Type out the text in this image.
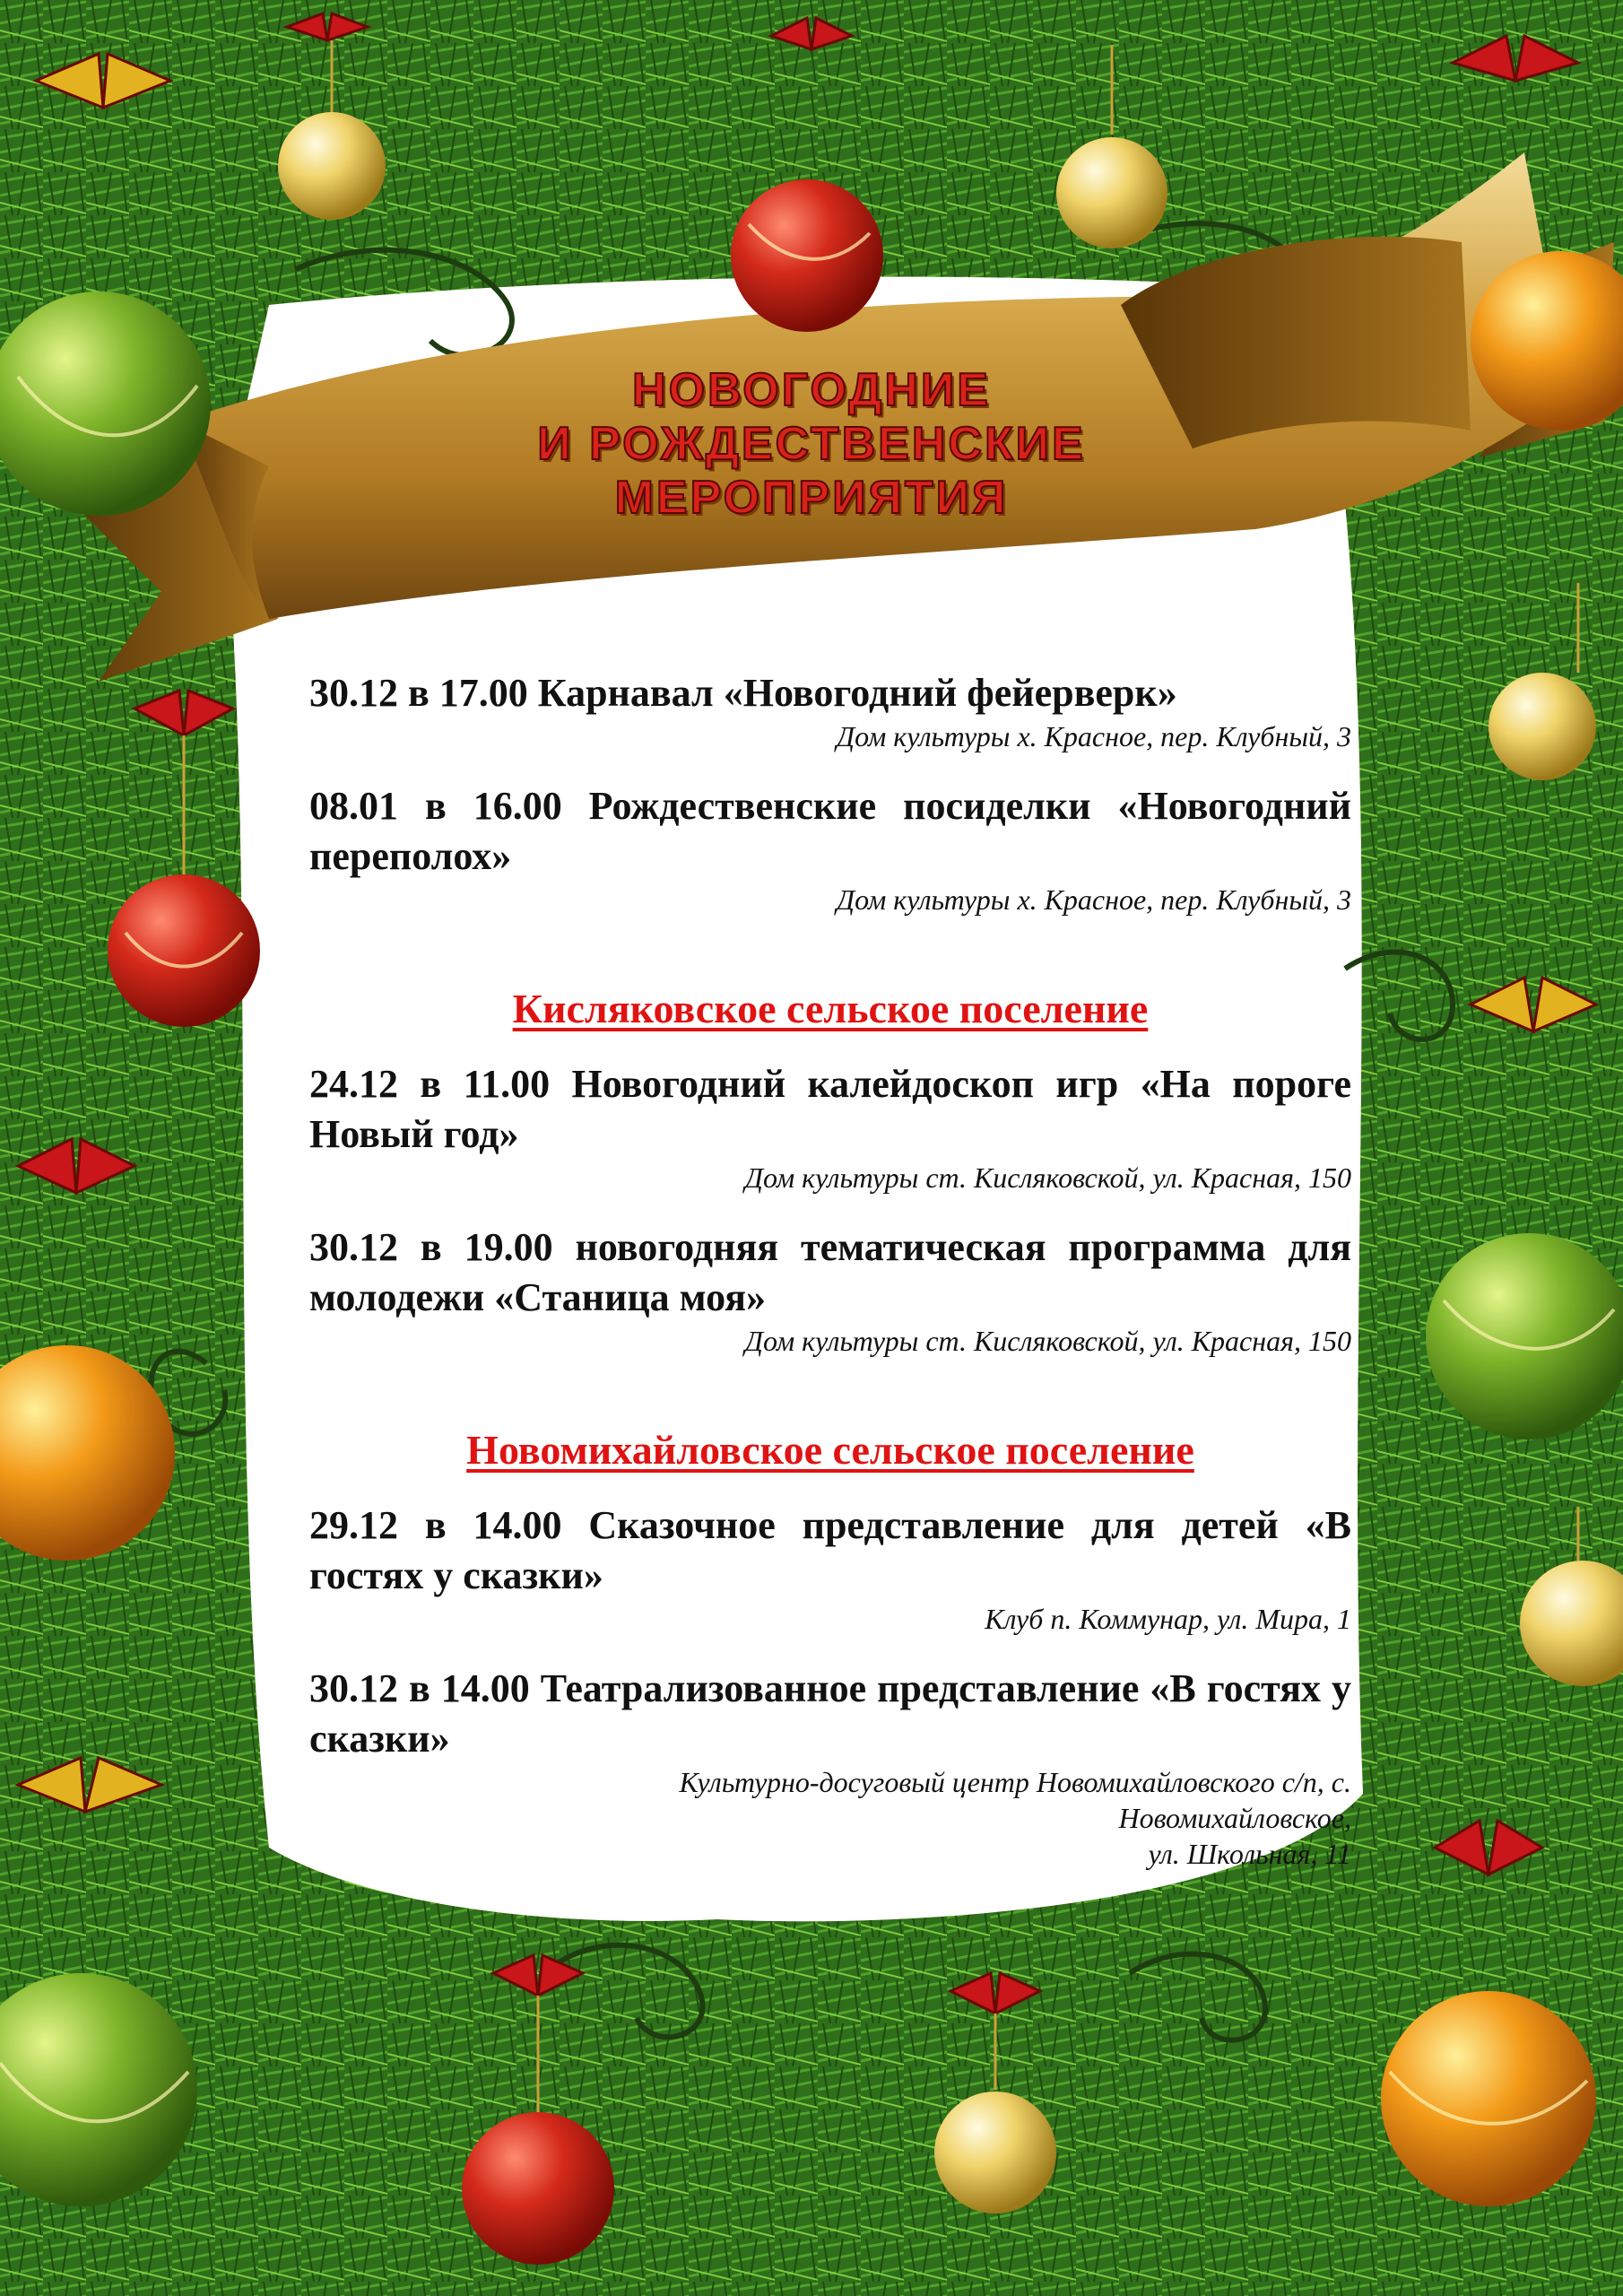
НОВОГОДНИЕ
И РОЖДЕСТВЕНСКИЕ
МЕРОПРИЯТИЯ
30.12 в 17.00 Карнавал «Новогодний фейерверк»
Дом культуры х. Красное, пер. Клубный, 3
08.01 в 16.00 Рождественские посиделки «Новогодний переполох»
Дом культуры х. Красное, пер. Клубный, 3
Кисляковское сельское поселение
24.12 в 11.00 Новогодний калейдоскоп игр «На пороге Новый год»
Дом культуры ст. Кисляковской, ул. Красная, 150
30.12 в 19.00 новогодняя тематическая программа для молодежи «Станица моя»
Дом культуры ст. Кисляковской, ул. Красная, 150
Новомихайловское сельское поселение
29.12 в 14.00 Сказочное представление для детей «В гостях у сказки»
Клуб п. Коммунар, ул. Мира, 1
30.12 в 14.00 Театрализованное представление «В гостях у сказки»
Культурно-досуговый центр Новомихайловского с/п, с.
Новомихайловское,
ул. Школьная, 11
